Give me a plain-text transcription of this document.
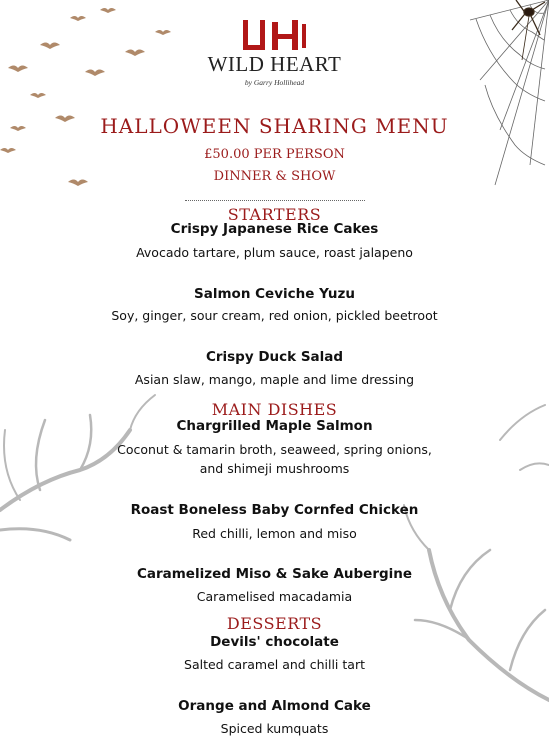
WILD HEART
by Garry Hollihead
HALLOWEEN SHARING MENU
£50.00 PER PERSON
DINNER & SHOW
STARTERS
Crispy Japanese Rice Cakes
Avocado tartare, plum sauce, roast jalapeno
Salmon Ceviche Yuzu
Soy, ginger, sour cream, red onion, pickled beetroot
Crispy Duck Salad
Asian slaw, mango, maple and lime dressing
MAIN DISHES
Chargrilled Maple Salmon
Coconut & tamarin broth, seaweed, spring onions,
and shimeji mushrooms
Roast Boneless Baby Cornfed Chicken
Red chilli, lemon and miso
Caramelized Miso & Sake Aubergine
Caramelised macadamia
DESSERTS
Devils' chocolate
Salted caramel and chilli tart
Orange and Almond Cake
Spiced kumquats
